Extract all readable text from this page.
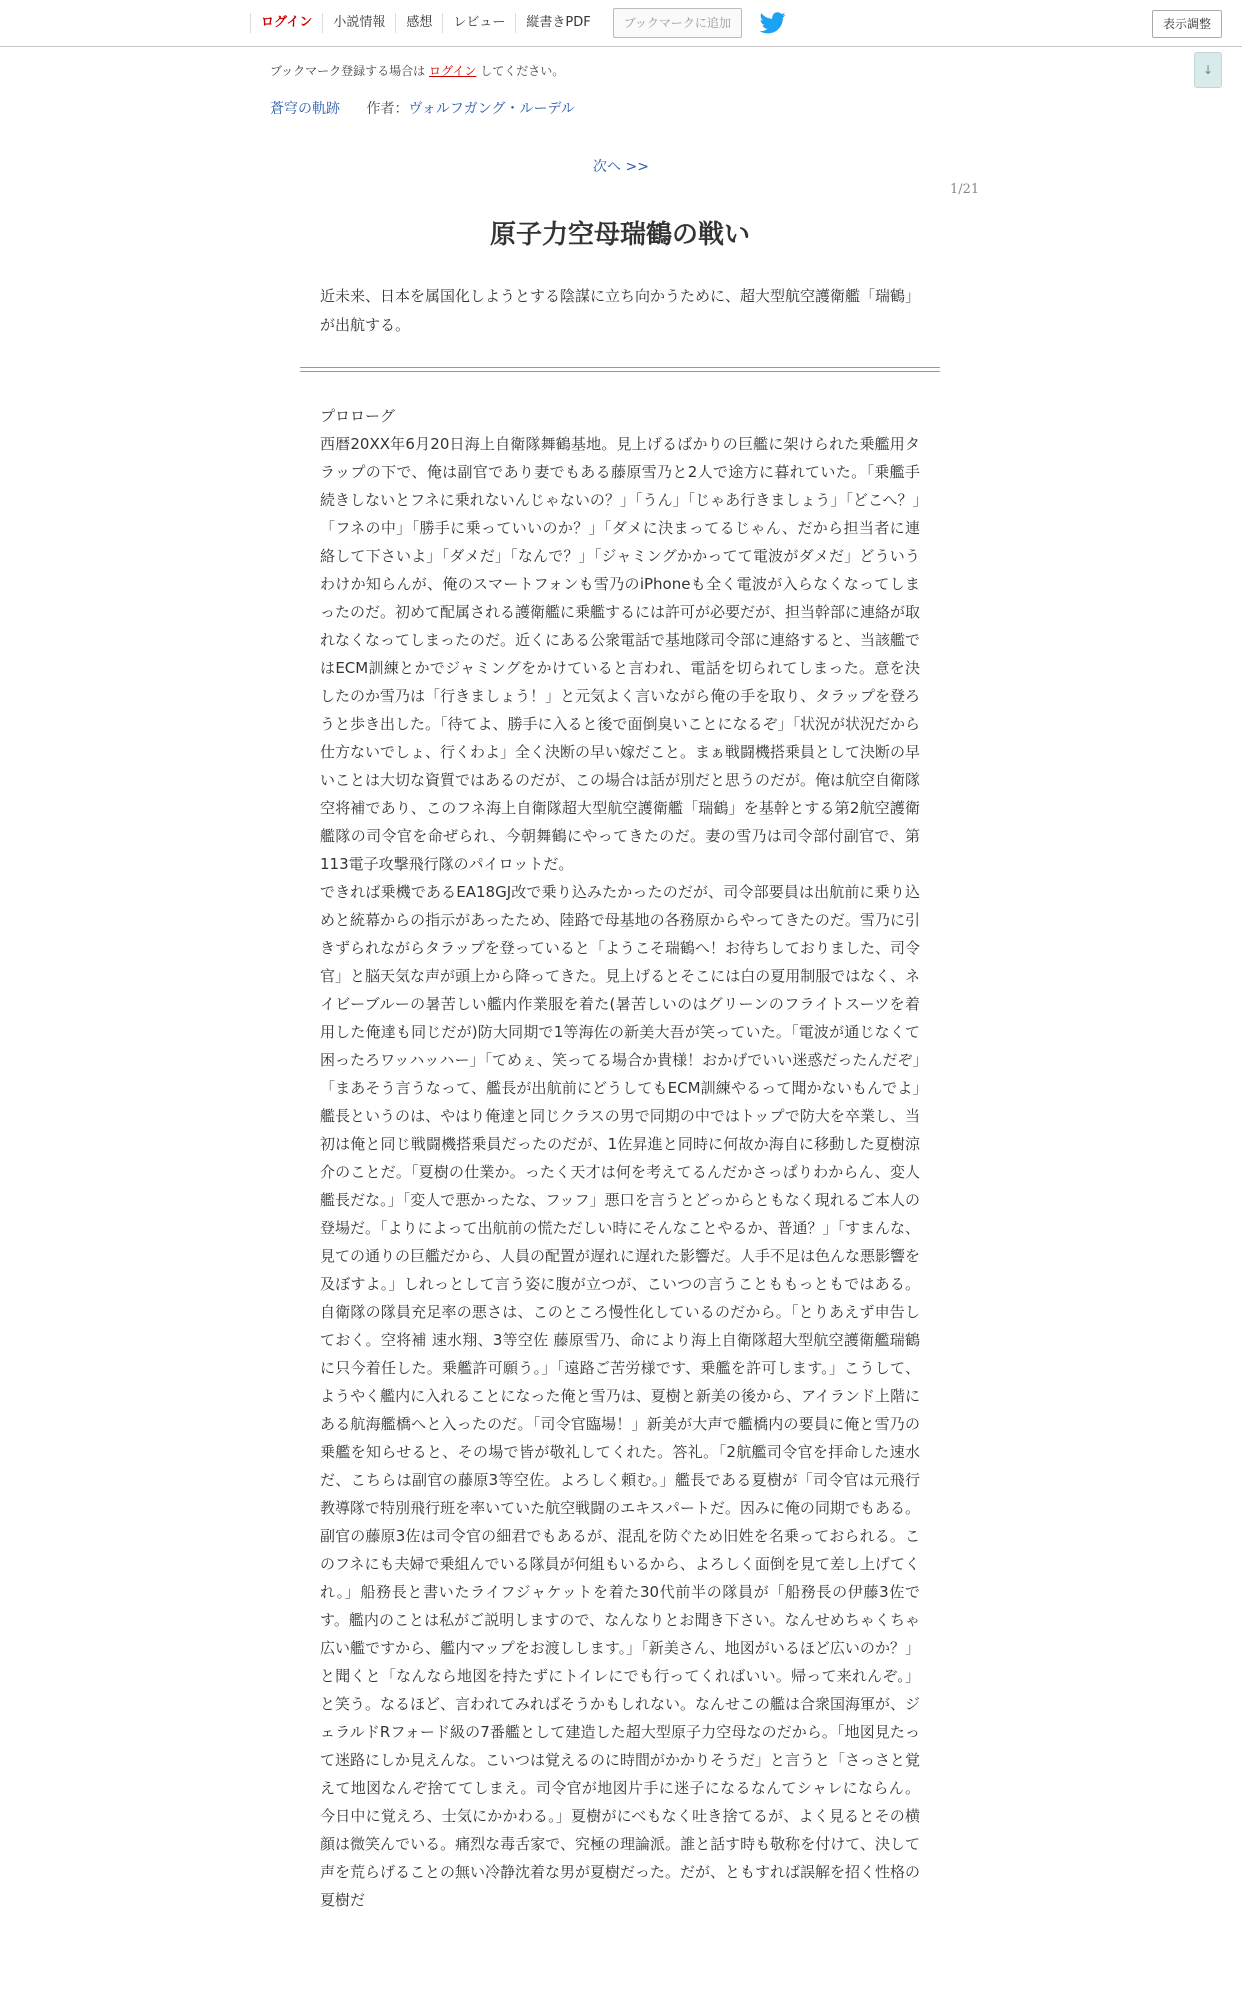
ログイン	小説情報	感想	レビュー	縦書きPDF	ブックマークに追加	表示調整
↓
ブックマーク登録する場合は ログイン してください。
蒼穹の軌跡 作者：ヴォルフガング・ルーデル
次へ >>
1/21
原子力空母瑞鶴の戦い
近未来、日本を属国化しようとする陰謀に立ち向かうために、超大型航空護衛艦「瑞鶴」が出航する。

プロローグ

西暦20XX年6月20日海上自衛隊舞鶴基地。見上げるばかりの巨艦に架けられた乗艦用タラップの下で、俺は副官であり妻でもある藤原雪乃と2人で途方に暮れていた。「乗艦手続きしないとフネに乗れないんじゃないの？」「うん」「じゃあ行きましょう」「どこへ？」「フネの中」「勝手に乗っていいのか？」「ダメに決まってるじゃん、だから担当者に連絡して下さいよ」「ダメだ」「なんで？」「ジャミングかかってて電波がダメだ」どういうわけか知らんが、俺のスマートフォンも雪乃のiPhoneも全く電波が入らなくなってしまったのだ。初めて配属される護衛艦に乗艦するには許可が必要だが、担当幹部に連絡が取れなくなってしまったのだ。近くにある公衆電話で基地隊司令部に連絡すると、当該艦ではECM訓練とかでジャミングをかけていると言われ、電話を切られてしまった。意を決したのか雪乃は「行きましょう！」と元気よく言いながら俺の手を取り、タラップを登ろうと歩き出した。「待てよ、勝手に入ると後で面倒臭いことになるぞ」「状況が状況だから仕方ないでしょ、行くわよ」全く決断の早い嫁だこと。まぁ戦闘機搭乗員として決断の早いことは大切な資質ではあるのだが、この場合は話が別だと思うのだが。俺は航空自衛隊空将補であり、このフネ海上自衛隊超大型航空護衛艦「瑞鶴」を基幹とする第2航空護衛艦隊の司令官を命ぜられ、今朝舞鶴にやってきたのだ。妻の雪乃は司令部付副官で、第113電子攻撃飛行隊のパイロットだ。

できれば乗機であるEA18GJ改で乗り込みたかったのだが、司令部要員は出航前に乗り込めと統幕からの指示があったため、陸路で母基地の各務原からやってきたのだ。雪乃に引きずられながらタラップを登っていると「ようこそ瑞鶴へ！お待ちしておりました、司令官」と脳天気な声が頭上から降ってきた。見上げるとそこには白の夏用制服ではなく、ネイビーブルーの暑苦しい艦内作業服を着た(暑苦しいのはグリーンのフライトスーツを着用した俺達も同じだが)防大同期で1等海佐の新美大吾が笑っていた。「電波が通じなくて困ったろワッハッハー」「てめぇ、笑ってる場合か貴様！おかげでいい迷惑だったんだぞ」「まあそう言うなって、艦長が出航前にどうしてもECM訓練やるって聞かないもんでよ」艦長というのは、やはり俺達と同じクラスの男で同期の中ではトップで防大を卒業し、当初は俺と同じ戦闘機搭乗員だったのだが、1佐昇進と同時に何故か海自に移動した夏樹涼介のことだ。「夏樹の仕業か。ったく天才は何を考えてるんだかさっぱりわからん、変人艦長だな。」「変人で悪かったな、フッフ」悪口を言うとどっからともなく現れるご本人の登場だ。「よりによって出航前の慌ただしい時にそんなことやるか、普通？」「すまんな、見ての通りの巨艦だから、人員の配置が遅れに遅れた影響だ。人手不足は色んな悪影響を及ぼすよ。」しれっとして言う姿に腹が立つが、こいつの言うことももっともではある。自衛隊の隊員充足率の悪さは、このところ慢性化しているのだから。「とりあえず申告しておく。空将補 速水翔、3等空佐 藤原雪乃、命により海上自衛隊超大型航空護衛艦瑞鶴に只今着任した。乗艦許可願う。」「遠路ご苦労様です、乗艦を許可します。」こうして、ようやく艦内に入れることになった俺と雪乃は、夏樹と新美の後から、アイランド上階にある航海艦橋へと入ったのだ。「司令官臨場！」新美が大声で艦橋内の要員に俺と雪乃の乗艦を知らせると、その場で皆が敬礼してくれた。答礼。「2航艦司令官を拝命した速水だ、こちらは副官の藤原3等空佐。よろしく頼む。」艦長である夏樹が「司令官は元飛行教導隊で特別飛行班を率いていた航空戦闘のエキスパートだ。因みに俺の同期でもある。副官の藤原3佐は司令官の細君でもあるが、混乱を防ぐため旧姓を名乗っておられる。このフネにも夫婦で乗組んでいる隊員が何組もいるから、よろしく面倒を見て差し上げてくれ。」船務長と書いたライフジャケットを着た30代前半の隊員が「船務長の伊藤3佐です。艦内のことは私がご説明しますので、なんなりとお聞き下さい。なんせめちゃくちゃ広い艦ですから、艦内マップをお渡しします。」「新美さん、地図がいるほど広いのか？」と聞くと「なんなら地図を持たずにトイレにでも行ってくればいい。帰って来れんぞ。」と笑う。なるほど、言われてみればそうかもしれない。なんせこの艦は合衆国海軍が、ジェラルドRフォード級の7番艦として建造した超大型原子力空母なのだから。「地図見たって迷路にしか見えんな。こいつは覚えるのに時間がかかりそうだ」と言うと「さっさと覚えて地図なんぞ捨ててしまえ。司令官が地図片手に迷子になるなんてシャレにならん。今日中に覚えろ、士気にかかわる。」夏樹がにべもなく吐き捨てるが、よく見るとその横顔は微笑んでいる。痛烈な毒舌家で、究極の理論派。誰と話す時も敬称を付けて、決して声を荒らげることの無い冷静沈着な男が夏樹だった。だが、ともすれば誤解を招く性格の夏樹だ
